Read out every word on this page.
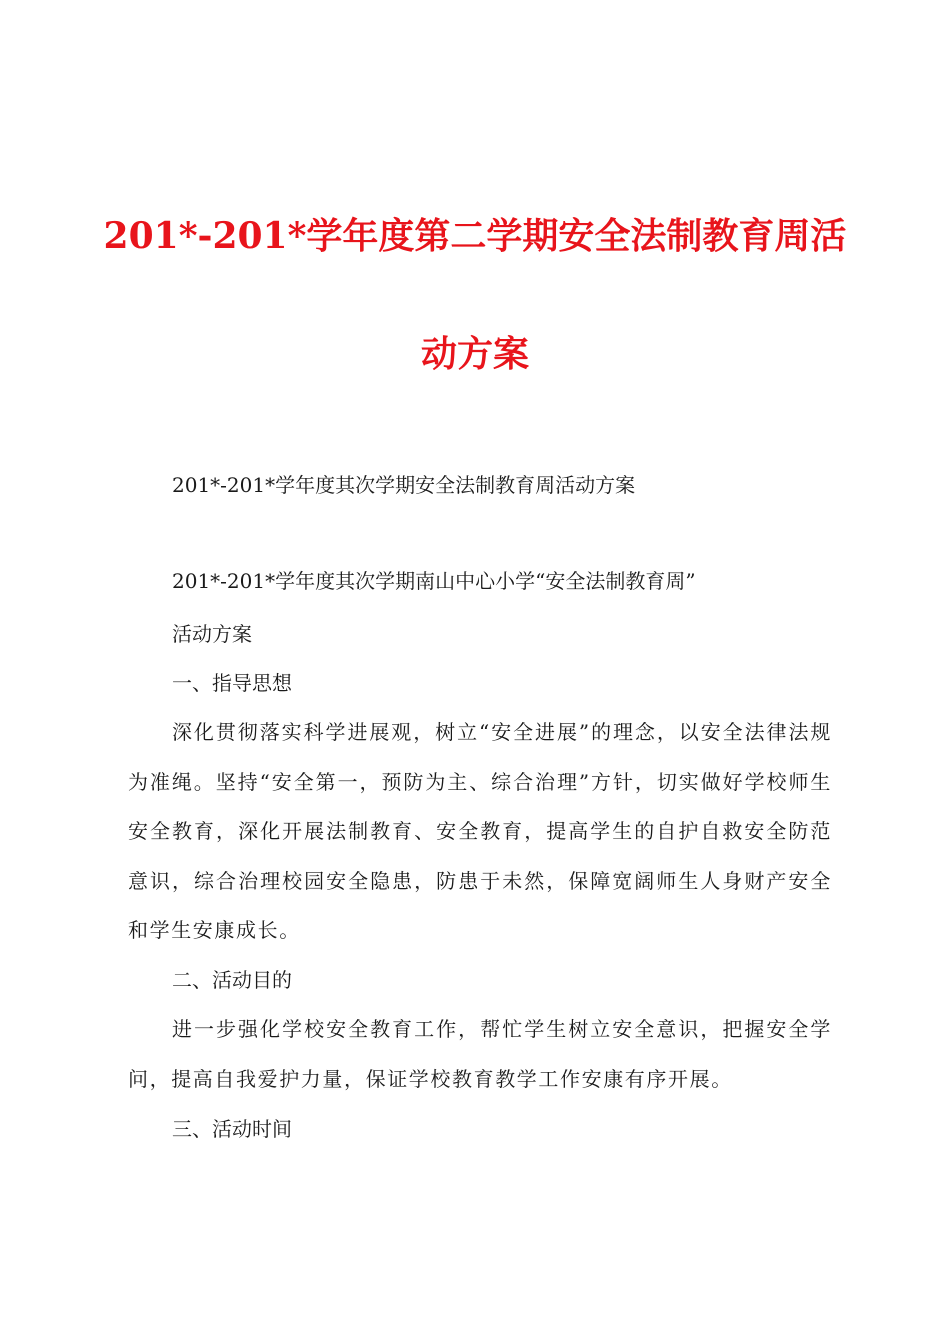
201*-201*学年度第二学期安全法制教育周活
动方案
201*-201*学年度其次学期安全法制教育周活动方案
201*-201*学年度其次学期南山中心小学“安全法制教育周”
活动方案
一、指导思想
深化贯彻落实科学进展观，树立“安全进展”的理念，以安全法律法规为准绳。坚持“安全第一，预防为主、综合治理”方针，切实做好学校师生安全教育，深化开展法制教育、安全教育，提高学生的自护自救安全防范意识，综合治理校园安全隐患，防患于未然，保障宽阔师生人身财产安全和学生安康成长。
二、活动目的
进一步强化学校安全教育工作，帮忙学生树立安全意识，把握安全学问，提高自我爱护力量，保证学校教育教学工作安康有序开展。
三、活动时间
